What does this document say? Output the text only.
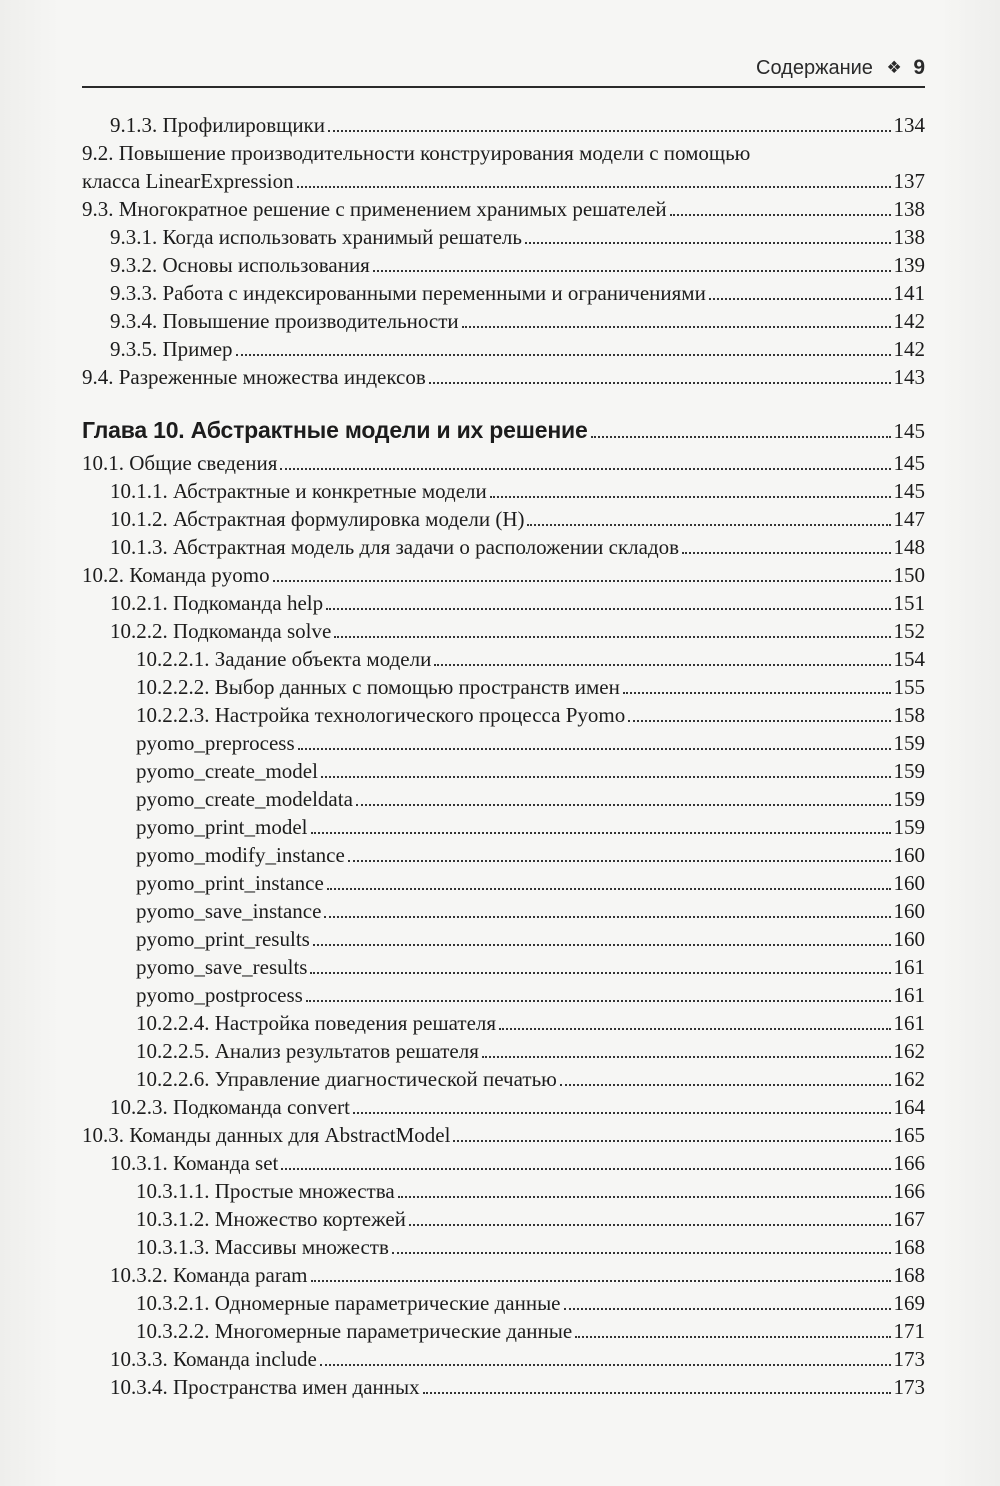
Содержание ❖ 9
9.1.3. Профилировщики	134
9.2. Повышение производительности конструирования модели с помощью
класса LinearExpression	137
9.3. Многократное решение с применением хранимых решателей	138
9.3.1. Когда использовать хранимый решатель	138
9.3.2. Основы использования	139
9.3.3. Работа с индексированными переменными и ограничениями	141
9.3.4. Повышение производительности	142
9.3.5. Пример	142
9.4. Разреженные множества индексов	143
Глава 10. Абстрактные модели и их решение	145
10.1. Общие сведения	145
10.1.1. Абстрактные и конкретные модели	145
10.1.2. Абстрактная формулировка модели (H)	147
10.1.3. Абстрактная модель для задачи о расположении складов	148
10.2. Команда pyomo	150
10.2.1. Подкоманда help	151
10.2.2. Подкоманда solve	152
10.2.2.1. Задание объекта модели	154
10.2.2.2. Выбор данных с помощью пространств имен	155
10.2.2.3. Настройка технологического процесса Pyomo	158
pyomo_preprocess	159
pyomo_create_model	159
pyomo_create_modeldata	159
pyomo_print_model	159
pyomo_modify_instance	160
pyomo_print_instance	160
pyomo_save_instance	160
pyomo_print_results	160
pyomo_save_results	161
pyomo_postprocess	161
10.2.2.4. Настройка поведения решателя	161
10.2.2.5. Анализ результатов решателя	162
10.2.2.6. Управление диагностической печатью	162
10.2.3. Подкоманда convert	164
10.3. Команды данных для AbstractModel	165
10.3.1. Команда set	166
10.3.1.1. Простые множества	166
10.3.1.2. Множество кортежей	167
10.3.1.3. Массивы множеств	168
10.3.2. Команда param	168
10.3.2.1. Одномерные параметрические данные	169
10.3.2.2. Многомерные параметрические данные	171
10.3.3. Команда include	173
10.3.4. Пространства имен данных	173
